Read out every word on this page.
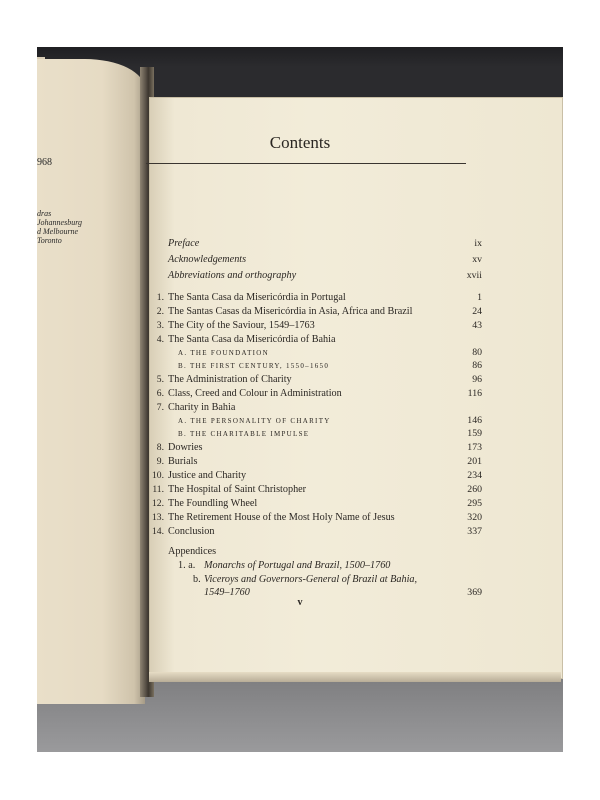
968
dras
Johannesburg
d Melbourne
Toronto
Contents
Preface	ix
Acknowledgements	xv
Abbreviations and orthography	xvii
1. The Santa Casa da Misericórdia in Portugal	1
2. The Santas Casas da Misericórdia in Asia, Africa and Brazil	24
3. The City of the Saviour, 1549–1763	43
4. The Santa Casa da Misericórdia of Bahia
A. THE FOUNDATION	80
B. THE FIRST CENTURY, 1550–1650	86
5. The Administration of Charity	96
6. Class, Creed and Colour in Administration	116
7. Charity in Bahia
A. THE PERSONALITY OF CHARITY	146
B. THE CHARITABLE IMPULSE	159
8. Dowries	173
9. Burials	201
10. Justice and Charity	234
11. The Hospital of Saint Christopher	260
12. The Foundling Wheel	295
13. The Retirement House of the Most Holy Name of Jesus	320
14. Conclusion	337
Appendices
1. a. Monarchs of Portugal and Brazil, 1500–1760
b. Viceroys and Governors-General of Brazil at Bahia,
1549–1760	369
v
